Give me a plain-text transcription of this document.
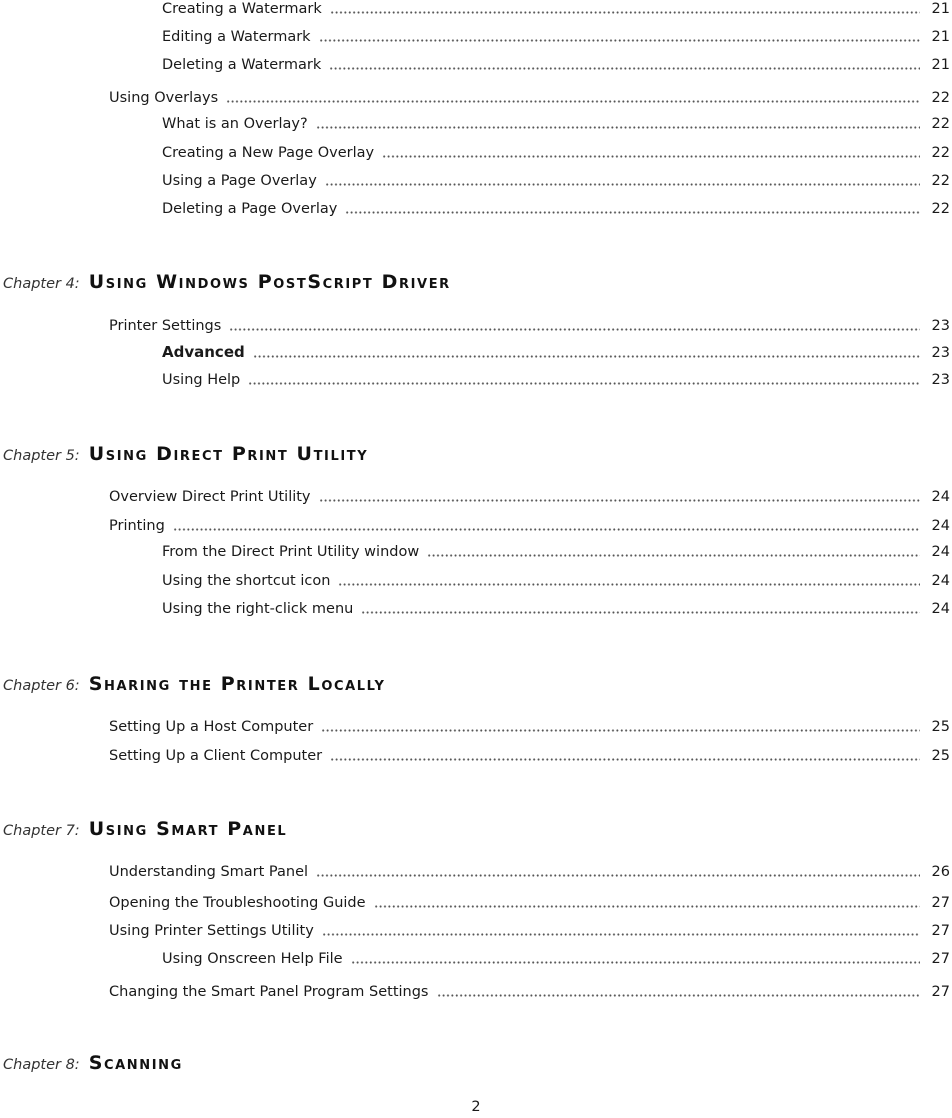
Creating a Watermark	21
Editing a Watermark	21
Deleting a Watermark	21
Using Overlays	22
What is an Overlay?	22
Creating a New Page Overlay	22
Using a Page Overlay	22
Deleting a Page Overlay	22
Chapter 4: Using Windows PostScript Driver
Printer Settings	23
Advanced	23
Using Help	23
Chapter 5: Using Direct Print Utility
Overview Direct Print Utility	24
Printing	24
From the Direct Print Utility window	24
Using the shortcut icon	24
Using the right-click menu	24
Chapter 6: Sharing the Printer Locally
Setting Up a Host Computer	25
Setting Up a Client Computer	25
Chapter 7: Using Smart Panel
Understanding Smart Panel	26
Opening the Troubleshooting Guide	27
Using Printer Settings Utility	27
Using Onscreen Help File	27
Changing the Smart Panel Program Settings	27
Chapter 8: Scanning
2
